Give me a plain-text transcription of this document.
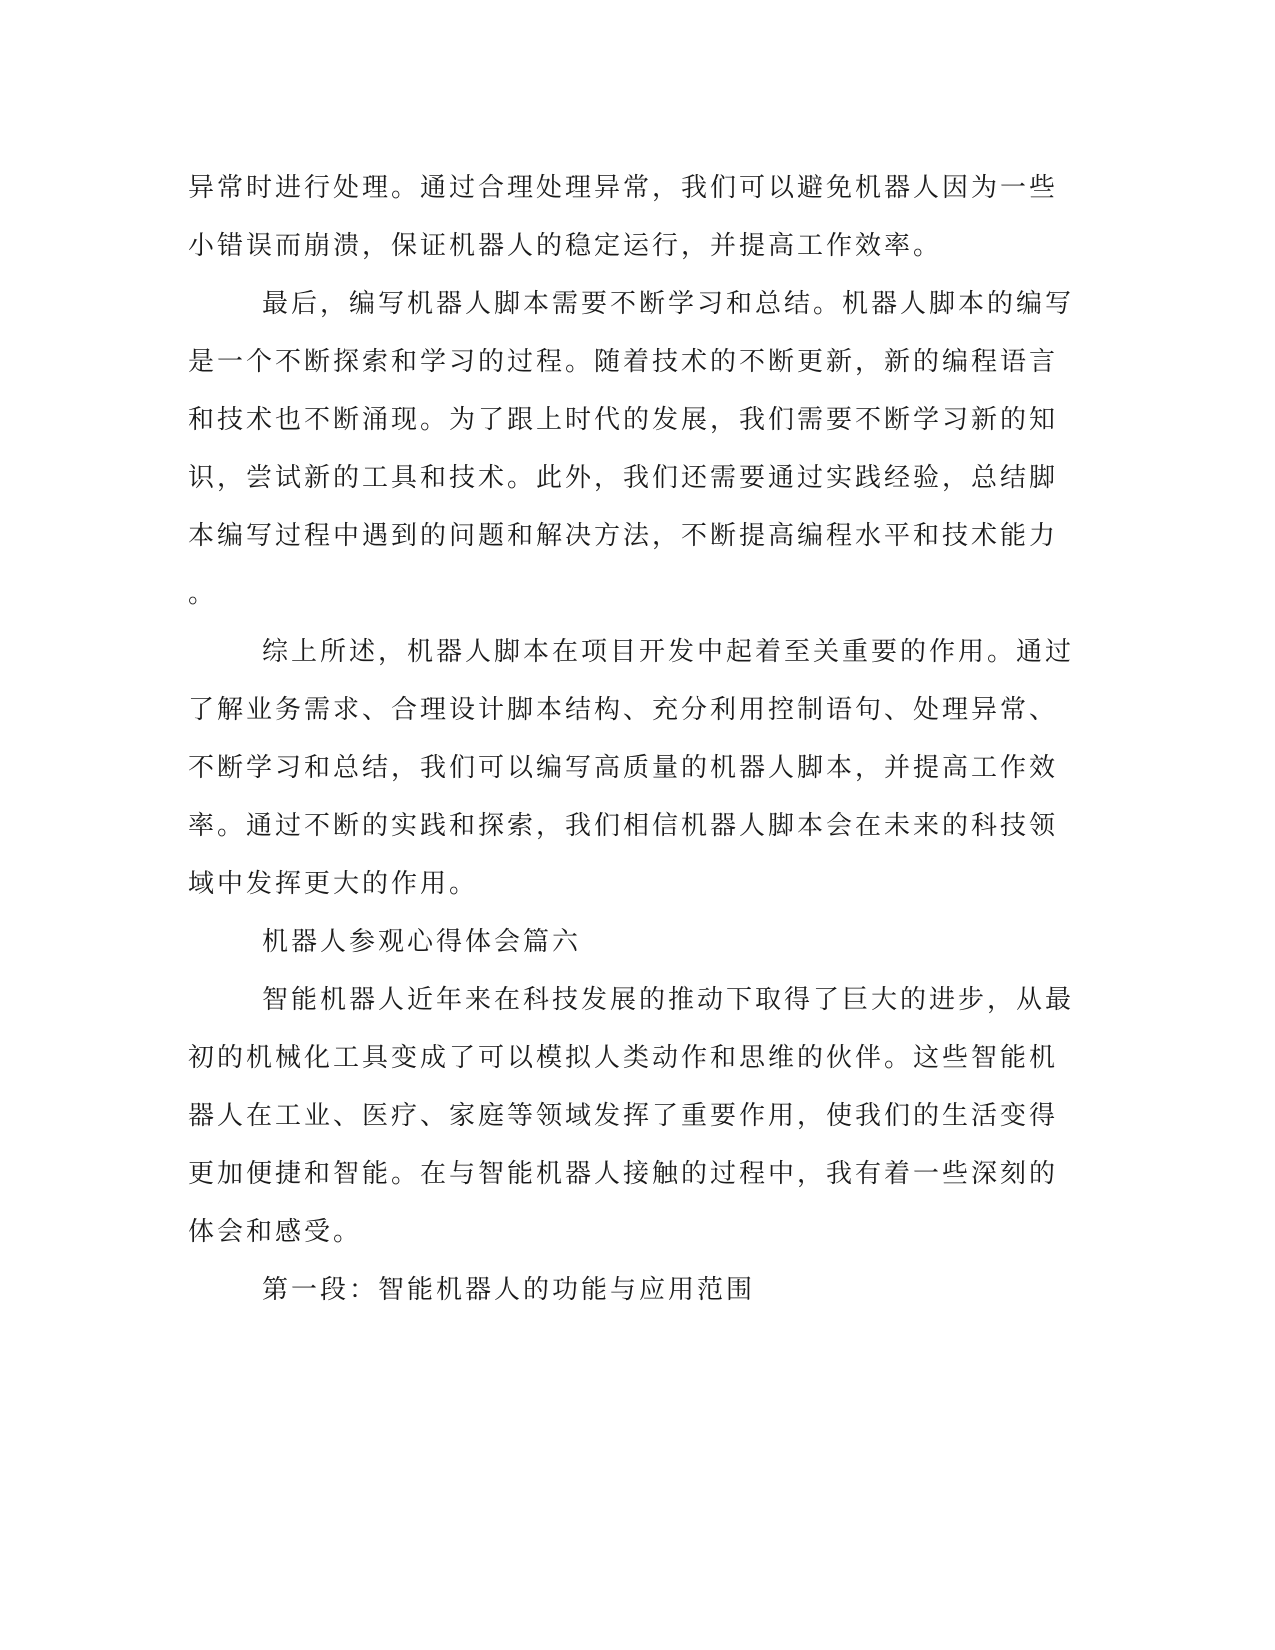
异常时进行处理。通过合理处理异常，我们可以避免机器人因为一些
小错误而崩溃，保证机器人的稳定运行，并提高工作效率。
最后，编写机器人脚本需要不断学习和总结。机器人脚本的编写
是一个不断探索和学习的过程。随着技术的不断更新，新的编程语言
和技术也不断涌现。为了跟上时代的发展，我们需要不断学习新的知
识，尝试新的工具和技术。此外，我们还需要通过实践经验，总结脚
本编写过程中遇到的问题和解决方法，不断提高编程水平和技术能力
。
综上所述，机器人脚本在项目开发中起着至关重要的作用。通过
了解业务需求、合理设计脚本结构、充分利用控制语句、处理异常、
不断学习和总结，我们可以编写高质量的机器人脚本，并提高工作效
率。通过不断的实践和探索，我们相信机器人脚本会在未来的科技领
域中发挥更大的作用。
机器人参观心得体会篇六
智能机器人近年来在科技发展的推动下取得了巨大的进步，从最
初的机械化工具变成了可以模拟人类动作和思维的伙伴。这些智能机
器人在工业、医疗、家庭等领域发挥了重要作用，使我们的生活变得
更加便捷和智能。在与智能机器人接触的过程中，我有着一些深刻的
体会和感受。
第一段：智能机器人的功能与应用范围
